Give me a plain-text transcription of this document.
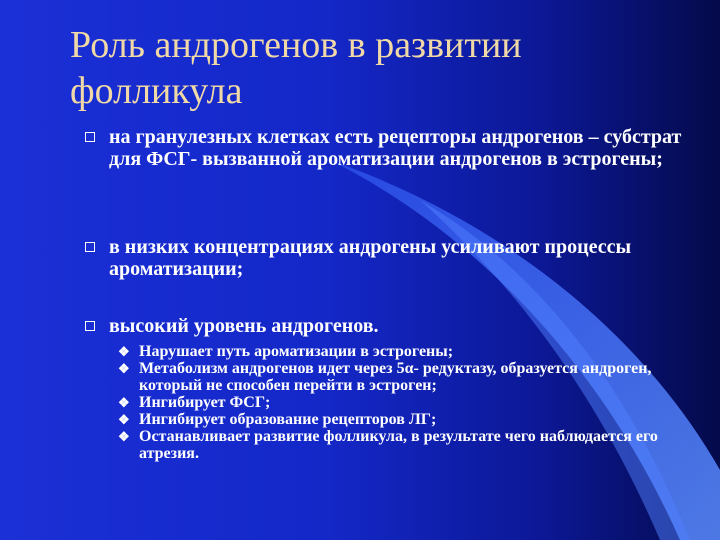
Роль андрогенов в развитии фолликула
на гранулезных клетках есть рецепторы андрогенов – субстрат для ФСГ- вызванной ароматизации андрогенов в эстрогены;
в низких концентрациях андрогены усиливают процессы ароматизации;
высокий уровень андрогенов.
❖ Нарушает путь ароматизации в эстрогены;
❖ Метаболизм андрогенов идет через 5α- редуктазу, образуется андроген, который не способен перейти в эстроген;
❖ Ингибирует ФСГ;
❖ Ингибирует образование рецепторов ЛГ;
❖ Останавливает развитие фолликула, в результате чего наблюдается его атрезия.
